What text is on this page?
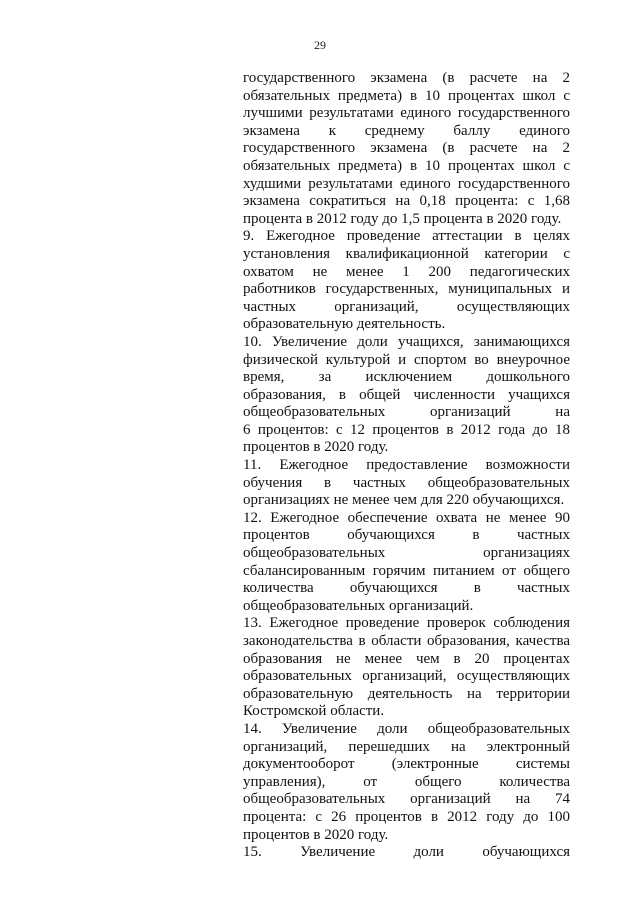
29
государственного экзамена (в расчете на 2
обязательных предмета) в 10 процентах школ с
лучшими результатами единого государственного
экзамена к среднему баллу единого
государственного экзамена (в расчете на 2
обязательных предмета) в 10 процентах школ с
худшими результатами единого государственного
экзамена сократиться на 0,18 процента: с 1,68
процента в 2012 году до 1,5 процента в 2020 году.
9. Ежегодное проведение аттестации в целях
установления квалификационной категории с
охватом не менее 1 200 педагогических
работников государственных, муниципальных и
частных организаций, осуществляющих
образовательную деятельность.
10. Увеличение доли учащихся, занимающихся
физической культурой и спортом во внеурочное
время, за исключением дошкольного
образования, в общей численности учащихся
общеобразовательных организаций на
6 процентов: с 12 процентов в 2012 года до 18
процентов в 2020 году.
11. Ежегодное предоставление возможности
обучения в частных общеобразовательных
организациях не менее чем для 220 обучающихся.
12. Ежегодное обеспечение охвата не менее 90
процентов обучающихся в частных
общеобразовательных организациях
сбалансированным горячим питанием от общего
количества обучающихся в частных
общеобразовательных организаций.
13. Ежегодное проведение проверок соблюдения
законодательства в области образования, качества
образования не менее чем в 20 процентах
образовательных организаций, осуществляющих
образовательную деятельность на территории
Костромской области.
14. Увеличение доли общеобразовательных
организаций, перешедших на электронный
документооборот (электронные системы
управления), от общего количества
общеобразовательных организаций на 74
процента: с 26 процентов в 2012 году до 100
процентов в 2020 году.
15. Увеличение доли обучающихся
